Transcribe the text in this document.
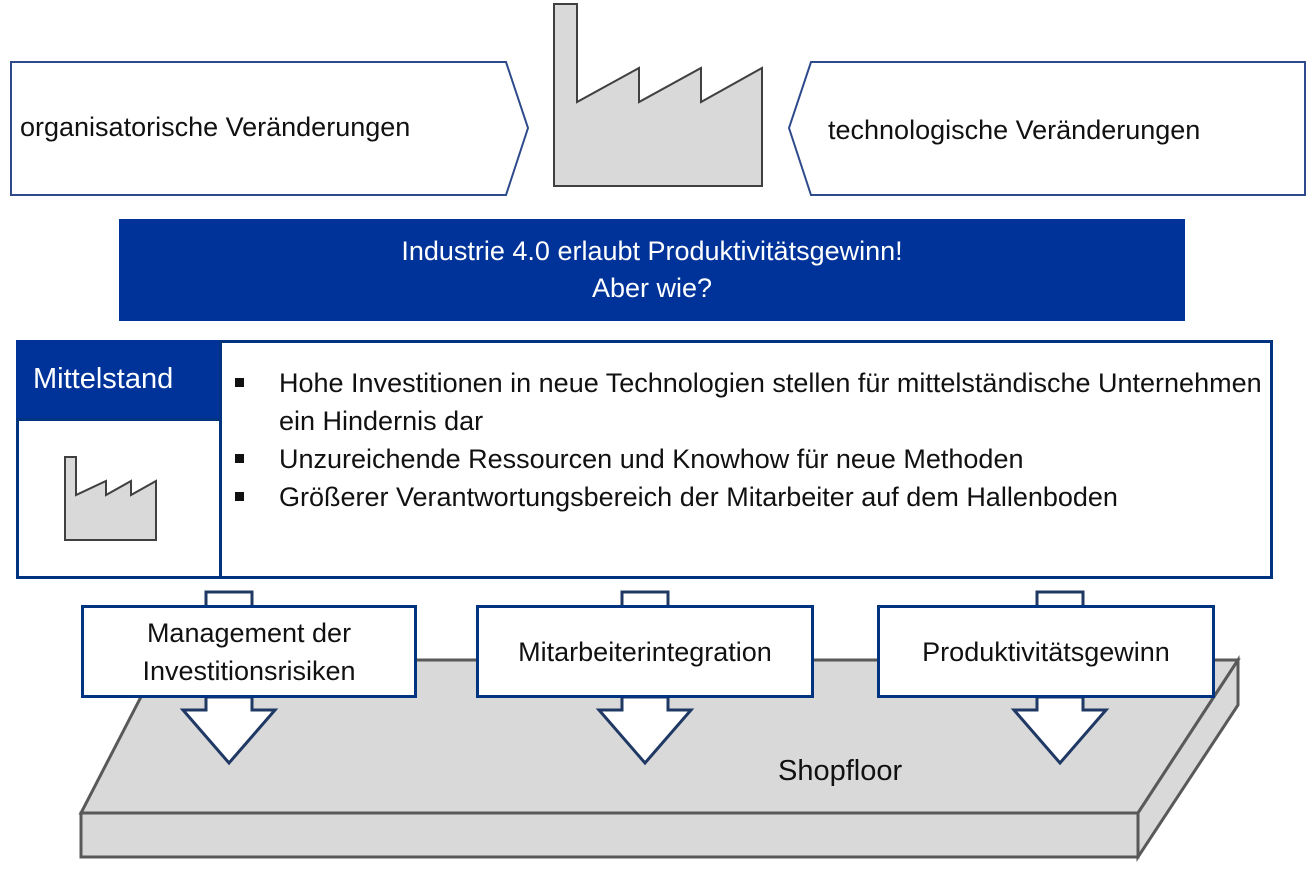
organisatorische Veränderungen	technologische Veränderungen
Industrie 4.0 erlaubt Produktivitätsgewinn!
Aber wie?
Mittelstand	Hohe Investitionen in neue Technologien stellen für mittelständische Unternehmen ein Hindernis dar
Unzureichende Ressourcen und Knowhow für neue Methoden
Größerer Verantwortungsbereich der Mitarbeiter auf dem Hallenboden
Management der
Investitionsrisiken
Mitarbeiterintegration	Produktivitätsgewinn
Shopfloor
